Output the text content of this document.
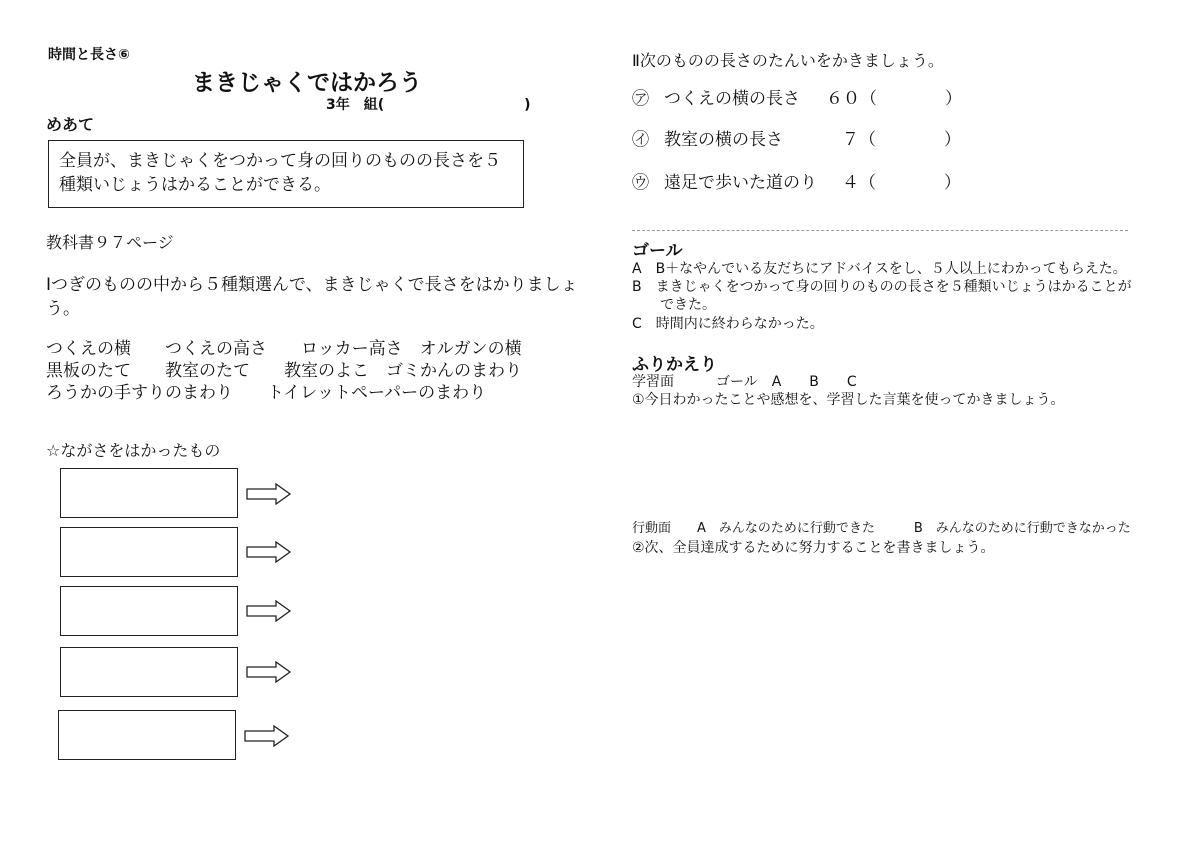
時間と長さ⑥
まきじゃくではかろう
3年　組(　　　　　　　　　　)
めあて
全員が、まきじゃくをつかって身の回りのものの長さを５種類いじょうはかることができる。
教科書９７ページ
Ⅰつぎのものの中から５種類選んで、まきじゃくで長さをはかりましょ
う。
つくえの横　　つくえの高さ　　ロッカー高さ　オルガンの横
黒板のたて　　教室のたて　　教室のよこ　ゴミかんのまわり
ろうかの手すりのまわり　　トイレットペーパーのまわり
☆ながさをはかったもの
Ⅱ次のものの長さのたんいをかきましょう。
㋐ つくえの横の長さ ６０（　　　　）
㋑ 教室の横の長さ	７（　　　　）
㋒ 遠足で歩いた道のり ４（　　　　）
ゴール
A　B＋なやんでいる友だちにアドバイスをし、５人以上にわかってもらえた。
B　まきじゃくをつかって身の回りのものの長さを５種類いじょうはかることが
　　できた。
C　時間内に終わらなかった。
ふりかえり
学習面　　　ゴール　A　　B　　C
①今日わかったことや感想を、学習した言葉を使ってかきましょう。
行動面　　A　みんなのために行動できた　　　B　みんなのために行動できなかった
②次、全員達成するために努力することを書きましょう。
